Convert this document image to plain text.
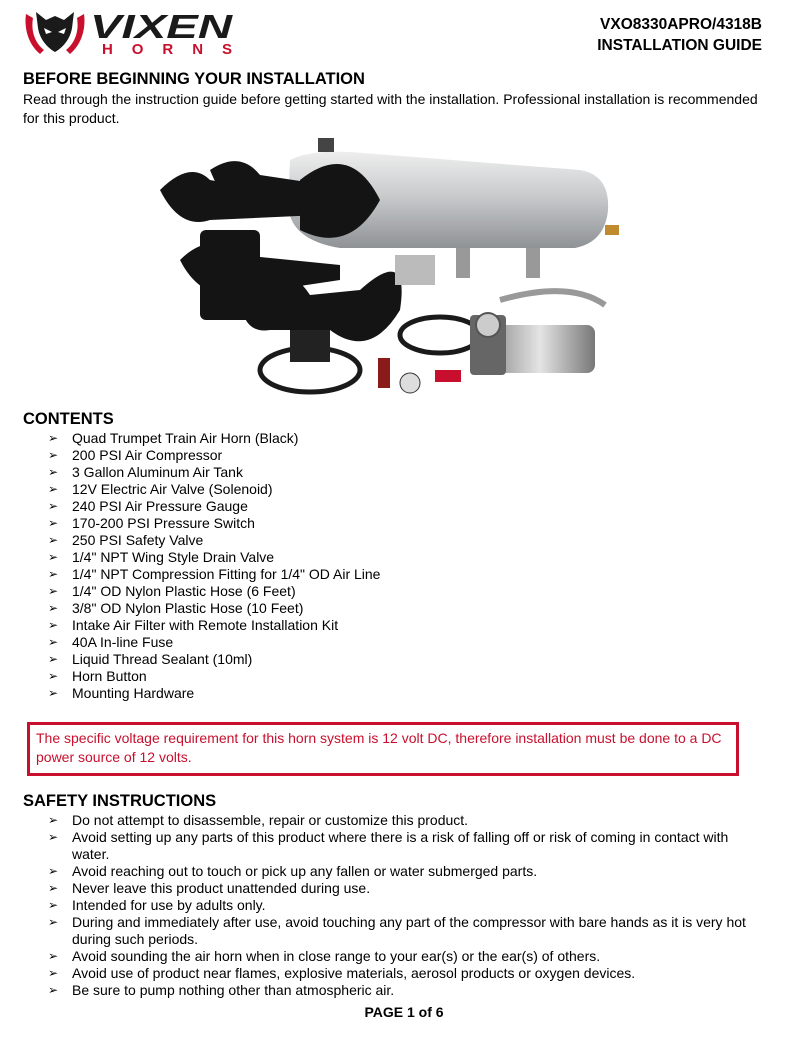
VIXEN
HORNS
VXO8330APRO/4318B
INSTALLATION GUIDE
BEFORE BEGINNING YOUR INSTALLATION
Read through the instruction guide before getting started with the installation. Professional installation is recommended for this product.
CONTENTS
➢ Quad Trumpet Train Air Horn (Black)
➢ 200 PSI Air Compressor
➢ 3 Gallon Aluminum Air Tank
➢ 12V Electric Air Valve (Solenoid)
➢ 240 PSI Air Pressure Gauge
➢ 170-200 PSI Pressure Switch
➢ 250 PSI Safety Valve
➢ 1/4" NPT Wing Style Drain Valve
➢ 1/4" NPT Compression Fitting for 1/4" OD Air Line
➢ 1/4" OD Nylon Plastic Hose (6 Feet)
➢ 3/8" OD Nylon Plastic Hose (10 Feet)
➢ Intake Air Filter with Remote Installation Kit
➢ 40A In-line Fuse
➢ Liquid Thread Sealant (10ml)
➢ Horn Button
➢ Mounting Hardware
The specific voltage requirement for this horn system is 12 volt DC, therefore installation must be done to a DC power source of 12 volts.
SAFETY INSTRUCTIONS
➢ Do not attempt to disassemble, repair or customize this product.
➢ Avoid setting up any parts of this product where there is a risk of falling off or risk of coming in contact with water.
➢ Avoid reaching out to touch or pick up any fallen or water submerged parts.
➢ Never leave this product unattended during use.
➢ Intended for use by adults only.
➢ During and immediately after use, avoid touching any part of the compressor with bare hands as it is very hot during such periods.
➢ Avoid sounding the air horn when in close range to your ear(s) or the ear(s) of others.
➢ Avoid use of product near flames, explosive materials, aerosol products or oxygen devices.
➢ Be sure to pump nothing other than atmospheric air.
PAGE 1 of 6
